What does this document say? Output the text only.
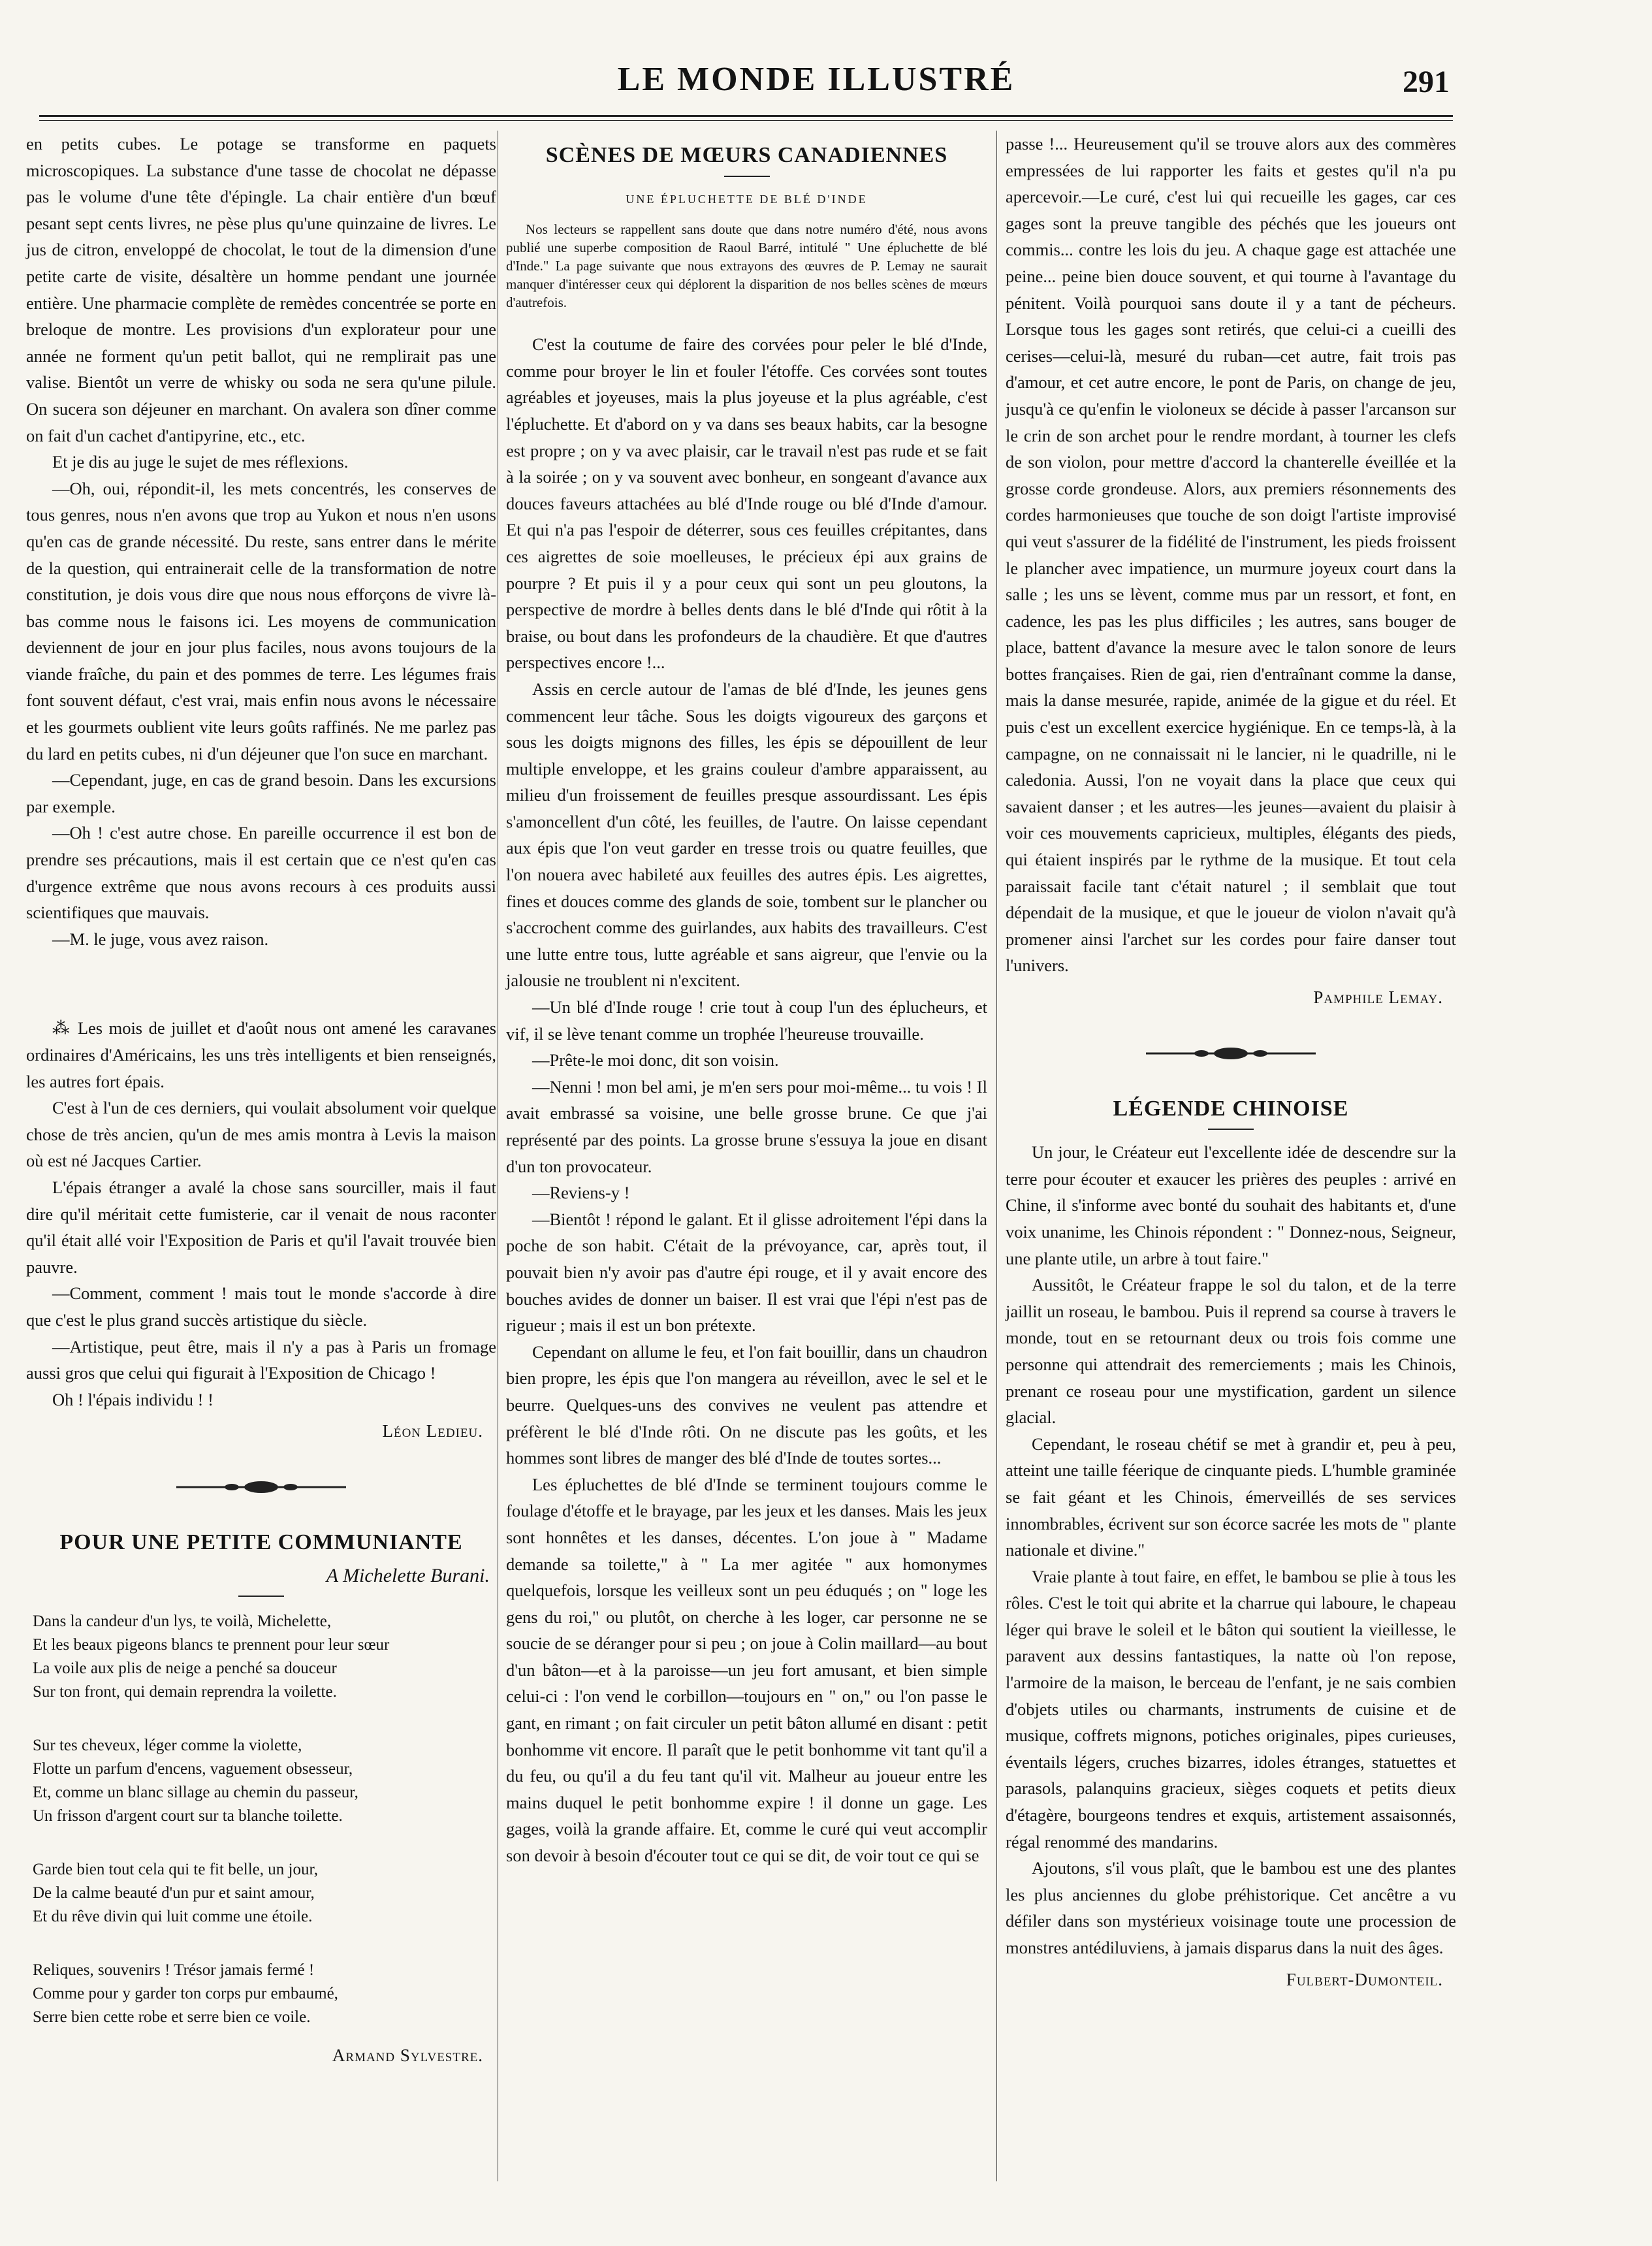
LE MONDE ILLUSTRÉ	291

en petits cubes. Le potage se transforme en paquets microscopiques. La substance d'une tasse de chocolat ne dépasse pas le volume d'une tête d'épingle. La chair entière d'un bœuf pesant sept cents livres, ne pèse plus qu'une quinzaine de livres. Le jus de citron, enveloppé de chocolat, le tout de la dimension d'une petite carte de visite, désaltère un homme pendant une journée entière. Une pharmacie complète de remèdes concentrée se porte en breloque de montre. Les provisions d'un explorateur pour une année ne forment qu'un petit ballot, qui ne remplirait pas une valise. Bientôt un verre de whisky ou soda ne sera qu'une pilule. On sucera son déjeuner en marchant. On avalera son dîner comme on fait d'un cachet d'antipyrine, etc., etc.

Et je dis au juge le sujet de mes réflexions.

—Oh, oui, répondit-il, les mets concentrés, les conserves de tous genres, nous n'en avons que trop au Yukon et nous n'en usons qu'en cas de grande nécessité. Du reste, sans entrer dans le mérite de la question, qui entrainerait celle de la transformation de notre constitution, je dois vous dire que nous nous efforçons de vivre là-bas comme nous le faisons ici. Les moyens de communication deviennent de jour en jour plus faciles, nous avons toujours de la viande fraîche, du pain et des pommes de terre. Les légumes frais font souvent défaut, c'est vrai, mais enfin nous avons le nécessaire et les gourmets oublient vite leurs goûts raffinés. Ne me parlez pas du lard en petits cubes, ni d'un déjeuner que l'on suce en marchant.

—Cependant, juge, en cas de grand besoin. Dans les excursions par exemple.

—Oh ! c'est autre chose. En pareille occurrence il est bon de prendre ses précautions, mais il est certain que ce n'est qu'en cas d'urgence extrême que nous avons recours à ces produits aussi scientifiques que mauvais.

—M. le juge, vous avez raison.

⁂ Les mois de juillet et d'août nous ont amené les caravanes ordinaires d'Américains, les uns très intelligents et bien renseignés, les autres fort épais.

C'est à l'un de ces derniers, qui voulait absolument voir quelque chose de très ancien, qu'un de mes amis montra à Levis la maison où est né Jacques Cartier.

L'épais étranger a avalé la chose sans sourciller, mais il faut dire qu'il méritait cette fumisterie, car il venait de nous raconter qu'il était allé voir l'Exposition de Paris et qu'il l'avait trouvée bien pauvre.

—Comment, comment ! mais tout le monde s'accorde à dire que c'est le plus grand succès artistique du siècle.

—Artistique, peut être, mais il n'y a pas à Paris un fromage aussi gros que celui qui figurait à l'Exposition de Chicago !

Oh ! l'épais individu ! !

Léon Ledieu.
POUR UNE PETITE COMMUNIANTE
A Michelette Burani.
Dans la candeur d'un lys, te voilà, Michelette,
Et les beaux pigeons blancs te prennent pour leur sœur
La voile aux plis de neige a penché sa douceur
Sur ton front, qui demain reprendra la voilette.
Sur tes cheveux, léger comme la violette,
Flotte un parfum d'encens, vaguement obsesseur,
Et, comme un blanc sillage au chemin du passeur,
Un frisson d'argent court sur ta blanche toilette.
Garde bien tout cela qui te fit belle, un jour,
De la calme beauté d'un pur et saint amour,
Et du rêve divin qui luit comme une étoile.
Reliques, souvenirs ! Trésor jamais fermé !
Comme pour y garder ton corps pur embaumé,
Serre bien cette robe et serre bien ce voile.
Armand Sylvestre.
SCÈNES DE MŒURS CANADIENNES
UNE ÉPLUCHETTE DE BLÉ D'INDE

Nos lecteurs se rappellent sans doute que dans notre numéro d'été, nous avons publié une superbe composition de Raoul Barré, intitulé " Une épluchette de blé d'Inde." La page suivante que nous extrayons des œuvres de P. Lemay ne saurait manquer d'intéresser ceux qui déplorent la disparition de nos belles scènes de mœurs d'autrefois.

C'est la coutume de faire des corvées pour peler le blé d'Inde, comme pour broyer le lin et fouler l'étoffe. Ces corvées sont toutes agréables et joyeuses, mais la plus joyeuse et la plus agréable, c'est l'épluchette. Et d'abord on y va dans ses beaux habits, car la besogne est propre ; on y va avec plaisir, car le travail n'est pas rude et se fait à la soirée ; on y va souvent avec bonheur, en songeant d'avance aux douces faveurs attachées au blé d'Inde rouge ou blé d'Inde d'amour. Et qui n'a pas l'espoir de déterrer, sous ces feuilles crépitantes, dans ces aigrettes de soie moelleuses, le précieux épi aux grains de pourpre ? Et puis il y a pour ceux qui sont un peu gloutons, la perspective de mordre à belles dents dans le blé d'Inde qui rôtit à la braise, ou bout dans les profondeurs de la chaudière. Et que d'autres perspectives encore !...

Assis en cercle autour de l'amas de blé d'Inde, les jeunes gens commencent leur tâche. Sous les doigts vigoureux des garçons et sous les doigts mignons des filles, les épis se dépouillent de leur multiple enveloppe, et les grains couleur d'ambre apparaissent, au milieu d'un froissement de feuilles presque assourdissant. Les épis s'amoncellent d'un côté, les feuilles, de l'autre. On laisse cependant aux épis que l'on veut garder en tresse trois ou quatre feuilles, que l'on nouera avec habileté aux feuilles des autres épis. Les aigrettes, fines et douces comme des glands de soie, tombent sur le plancher ou s'accrochent comme des guirlandes, aux habits des travailleurs. C'est une lutte entre tous, lutte agréable et sans aigreur, que l'envie ou la jalousie ne troublent ni n'excitent.

—Un blé d'Inde rouge ! crie tout à coup l'un des éplucheurs, et vif, il se lève tenant comme un trophée l'heureuse trouvaille.

—Prête-le moi donc, dit son voisin.

—Nenni ! mon bel ami, je m'en sers pour moi-même... tu vois ! Il avait embrassé sa voisine, une belle grosse brune. Ce que j'ai représenté par des points. La grosse brune s'essuya la joue en disant d'un ton provocateur.

—Reviens-y !

—Bientôt ! répond le galant. Et il glisse adroitement l'épi dans la poche de son habit. C'était de la prévoyance, car, après tout, il pouvait bien n'y avoir pas d'autre épi rouge, et il y avait encore des bouches avides de donner un baiser. Il est vrai que l'épi n'est pas de rigueur ; mais il est un bon prétexte.

Cependant on allume le feu, et l'on fait bouillir, dans un chaudron bien propre, les épis que l'on mangera au réveillon, avec le sel et le beurre. Quelques-uns des convives ne veulent pas attendre et préfèrent le blé d'Inde rôti. On ne discute pas les goûts, et les hommes sont libres de manger des blé d'Inde de toutes sortes...

Les épluchettes de blé d'Inde se terminent toujours comme le foulage d'étoffe et le brayage, par les jeux et les danses. Mais les jeux sont honnêtes et les danses, décentes. L'on joue à " Madame demande sa toilette," à " La mer agitée " aux homonymes quelquefois, lorsque les veilleux sont un peu éduqués ; on " loge les gens du roi," ou plutôt, on cherche à les loger, car personne ne se soucie de se déranger pour si peu ; on joue à Colin maillard—au bout d'un bâton—et à la paroisse—un jeu fort amusant, et bien simple celui-ci : l'on vend le corbillon—toujours en " on," ou l'on passe le gant, en rimant ; on fait circuler un petit bâton allumé en disant : petit bonhomme vit encore. Il paraît que le petit bonhomme vit tant qu'il a du feu, ou qu'il a du feu tant qu'il vit. Malheur au joueur entre les mains duquel le petit bonhomme expire ! il donne un gage. Les gages, voilà la grande affaire. Et, comme le curé qui veut accomplir son devoir à besoin d'écouter tout ce qui se dit, de voir tout ce qui se

passe !... Heureusement qu'il se trouve alors aux des commères empressées de lui rapporter les faits et gestes qu'il n'a pu apercevoir.—Le curé, c'est lui qui recueille les gages, car ces gages sont la preuve tangible des péchés que les joueurs ont commis... contre les lois du jeu. A chaque gage est attachée une peine... peine bien douce souvent, et qui tourne à l'avantage du pénitent. Voilà pourquoi sans doute il y a tant de pécheurs. Lorsque tous les gages sont retirés, que celui-ci a cueilli des cerises—celui-là, mesuré du ruban—cet autre, fait trois pas d'amour, et cet autre encore, le pont de Paris, on change de jeu, jusqu'à ce qu'enfin le violoneux se décide à passer l'arcanson sur le crin de son archet pour le rendre mordant, à tourner les clefs de son violon, pour mettre d'accord la chanterelle éveillée et la grosse corde grondeuse. Alors, aux premiers résonnements des cordes harmonieuses que touche de son doigt l'artiste improvisé qui veut s'assurer de la fidélité de l'instrument, les pieds froissent le plancher avec impatience, un murmure joyeux court dans la salle ; les uns se lèvent, comme mus par un ressort, et font, en cadence, les pas les plus difficiles ; les autres, sans bouger de place, battent d'avance la mesure avec le talon sonore de leurs bottes françaises. Rien de gai, rien d'entraînant comme la danse, mais la danse mesurée, rapide, animée de la gigue et du réel. Et puis c'est un excellent exercice hygiénique. En ce temps-là, à la campagne, on ne connaissait ni le lancier, ni le quadrille, ni le caledonia. Aussi, l'on ne voyait dans la place que ceux qui savaient danser ; et les autres—les jeunes—avaient du plaisir à voir ces mouvements capricieux, multiples, élégants des pieds, qui étaient inspirés par le rythme de la musique. Et tout cela paraissait facile tant c'était naturel ; il semblait que tout dépendait de la musique, et que le joueur de violon n'avait qu'à promener ainsi l'archet sur les cordes pour faire danser tout l'univers.

Pamphile Lemay.
LÉGENDE CHINOISE

Un jour, le Créateur eut l'excellente idée de descendre sur la terre pour écouter et exaucer les prières des peuples : arrivé en Chine, il s'informe avec bonté du souhait des habitants et, d'une voix unanime, les Chinois répondent : " Donnez-nous, Seigneur, une plante utile, un arbre à tout faire."

Aussitôt, le Créateur frappe le sol du talon, et de la terre jaillit un roseau, le bambou. Puis il reprend sa course à travers le monde, tout en se retournant deux ou trois fois comme une personne qui attendrait des remerciements ; mais les Chinois, prenant ce roseau pour une mystification, gardent un silence glacial.

Cependant, le roseau chétif se met à grandir et, peu à peu, atteint une taille féerique de cinquante pieds. L'humble graminée se fait géant et les Chinois, émerveillés de ses services innombrables, écrivent sur son écorce sacrée les mots de " plante nationale et divine."

Vraie plante à tout faire, en effet, le bambou se plie à tous les rôles. C'est le toit qui abrite et la charrue qui laboure, le chapeau léger qui brave le soleil et le bâton qui soutient la vieillesse, le paravent aux dessins fantastiques, la natte où l'on repose, l'armoire de la maison, le berceau de l'enfant, je ne sais combien d'objets utiles ou charmants, instruments de cuisine et de musique, coffrets mignons, potiches originales, pipes curieuses, éventails légers, cruches bizarres, idoles étranges, statuettes et parasols, palanquins gracieux, sièges coquets et petits dieux d'étagère, bourgeons tendres et exquis, artistement assaisonnés, régal renommé des mandarins.

Ajoutons, s'il vous plaît, que le bambou est une des plantes les plus anciennes du globe préhistorique. Cet ancêtre a vu défiler dans son mystérieux voisinage toute une procession de monstres antédiluviens, à jamais disparus dans la nuit des âges.

Fulbert-Dumonteil.
